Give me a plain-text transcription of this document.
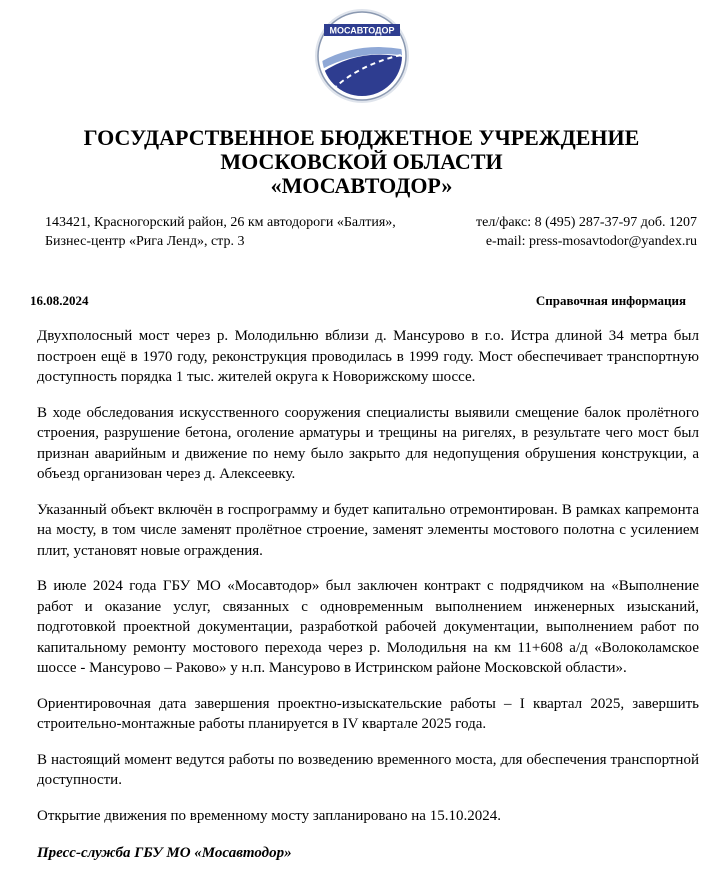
МОСАВТОДОР
ГОСУДАРСТВЕННОЕ БЮДЖЕТНОЕ УЧРЕЖДЕНИЕ
МОСКОВСКОЙ ОБЛАСТИ
«МОСАВТОДОР»
143421, Красногорский район, 26 км автодороги «Балтия»,
Бизнес-центр «Рига Ленд», стр. 3
тел/факс: 8 (495) 287-37-97 доб. 1207
e-mail: press-mosavtodor@yandex.ru
16.08.2024	Справочная информация

Двухполосный мост через р. Молодильню вблизи д. Мансурово в г.о. Истра длиной 34 метра был построен ещё в 1970 году, реконструкция проводилась в 1999 году. Мост обеспечивает транспортную доступность порядка 1 тыс. жителей округа к Новорижскому шоссе.

В ходе обследования искусственного сооружения специалисты выявили смещение балок пролётного строения, разрушение бетона, оголение арматуры и трещины на ригелях, в результате чего мост был признан аварийным и движение по нему было закрыто для недопущения обрушения конструкции, а объезд организован через д. Алексеевку.

Указанный объект включён в госпрограмму и будет капитально отремонтирован. В рамках капремонта на мосту, в том числе заменят пролётное строение, заменят элементы мостового полотна с усилением плит, установят новые ограждения.

В июле 2024 года ГБУ МО «Мосавтодор» был заключен контракт с подрядчиком на «Выполнение работ и оказание услуг, связанных с одновременным выполнением инженерных изысканий, подготовкой проектной документации, разработкой рабочей документации, выполнением работ по капитальному ремонту мостового перехода через р. Молодильня на км 11+608 а/д «Волоколамское шоссе - Мансурово – Раково» у н.п. Мансурово в Истринском районе Московской области».

Ориентировочная дата завершения проектно-изыскательские работы – I квартал 2025, завершить строительно-монтажные работы планируется в IV квартале 2025 года.

В настоящий момент ведутся работы по возведению временного моста, для обеспечения транспортной доступности.

Открытие движения по временному мосту запланировано на 15.10.2024.

Пресс-служба ГБУ МО «Мосавтодор»
